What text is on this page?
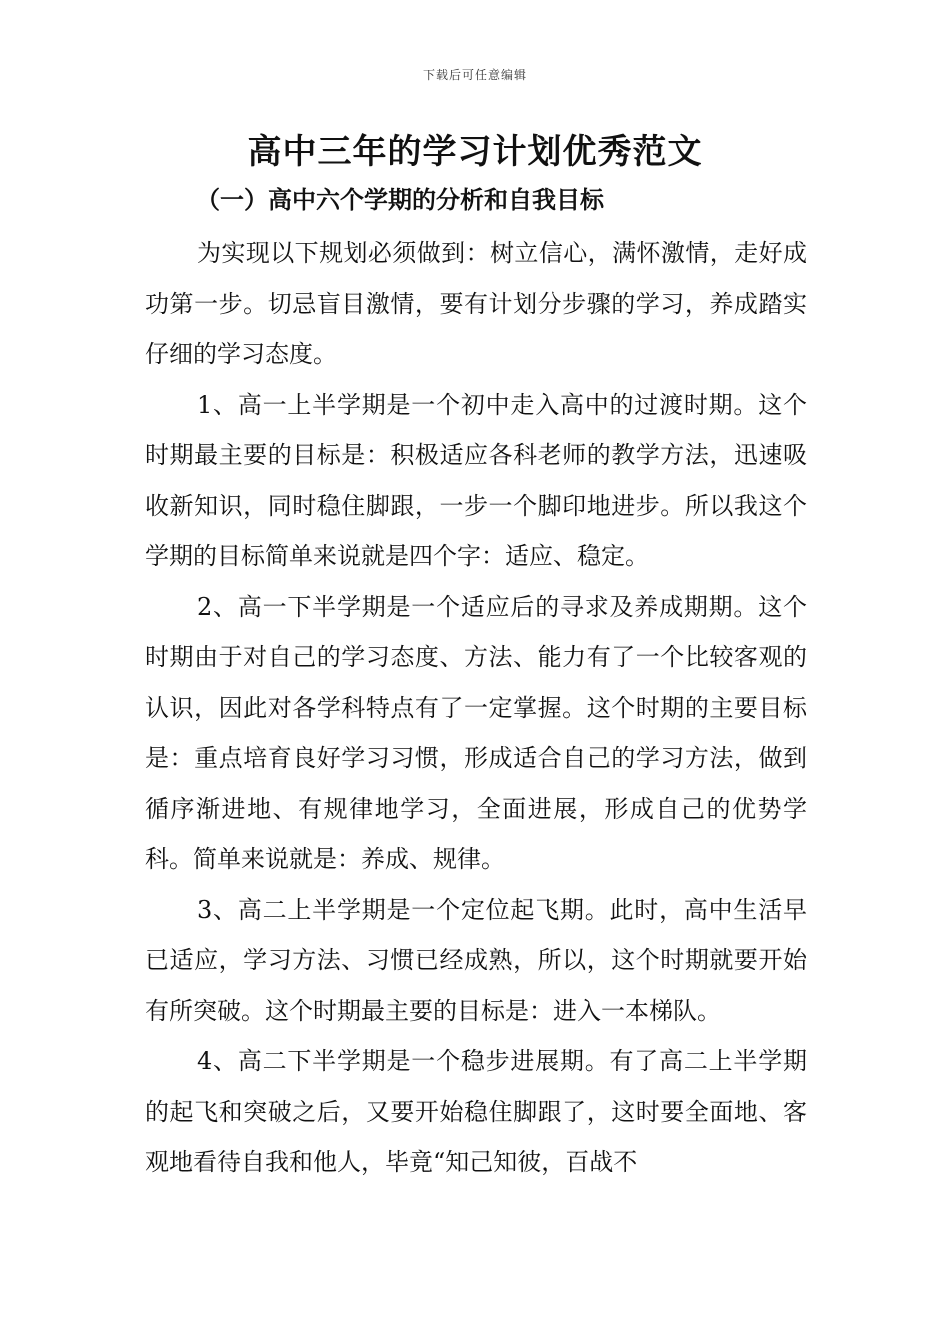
下载后可任意编辑
高中三年的学习计划优秀范文
（一）高中六个学期的分析和自我目标

为实现以下规划必须做到：树立信心，满怀激情，走好成功第一步。切忌盲目激情，要有计划分步骤的学习，养成踏实仔细的学习态度。

1、高一上半学期是一个初中走入高中的过渡时期。这个时期最主要的目标是：积极适应各科老师的教学方法，迅速吸收新知识，同时稳住脚跟，一步一个脚印地进步。所以我这个学期的目标简单来说就是四个字：适应、稳定。

2、高一下半学期是一个适应后的寻求及养成期期。这个时期由于对自己的学习态度、方法、能力有了一个比较客观的认识，因此对各学科特点有了一定掌握。这个时期的主要目标是：重点培育良好学习习惯，形成适合自己的学习方法，做到循序渐进地、有规律地学习，全面进展，形成自己的优势学科。简单来说就是：养成、规律。

3、高二上半学期是一个定位起飞期。此时，高中生活早已适应，学习方法、习惯已经成熟，所以，这个时期就要开始有所突破。这个时期最主要的目标是：进入一本梯队。

4、高二下半学期是一个稳步进展期。有了高二上半学期的起飞和突破之后，又要开始稳住脚跟了，这时要全面地、客观地看待自我和他人，毕竟“知己知彼，百战不
